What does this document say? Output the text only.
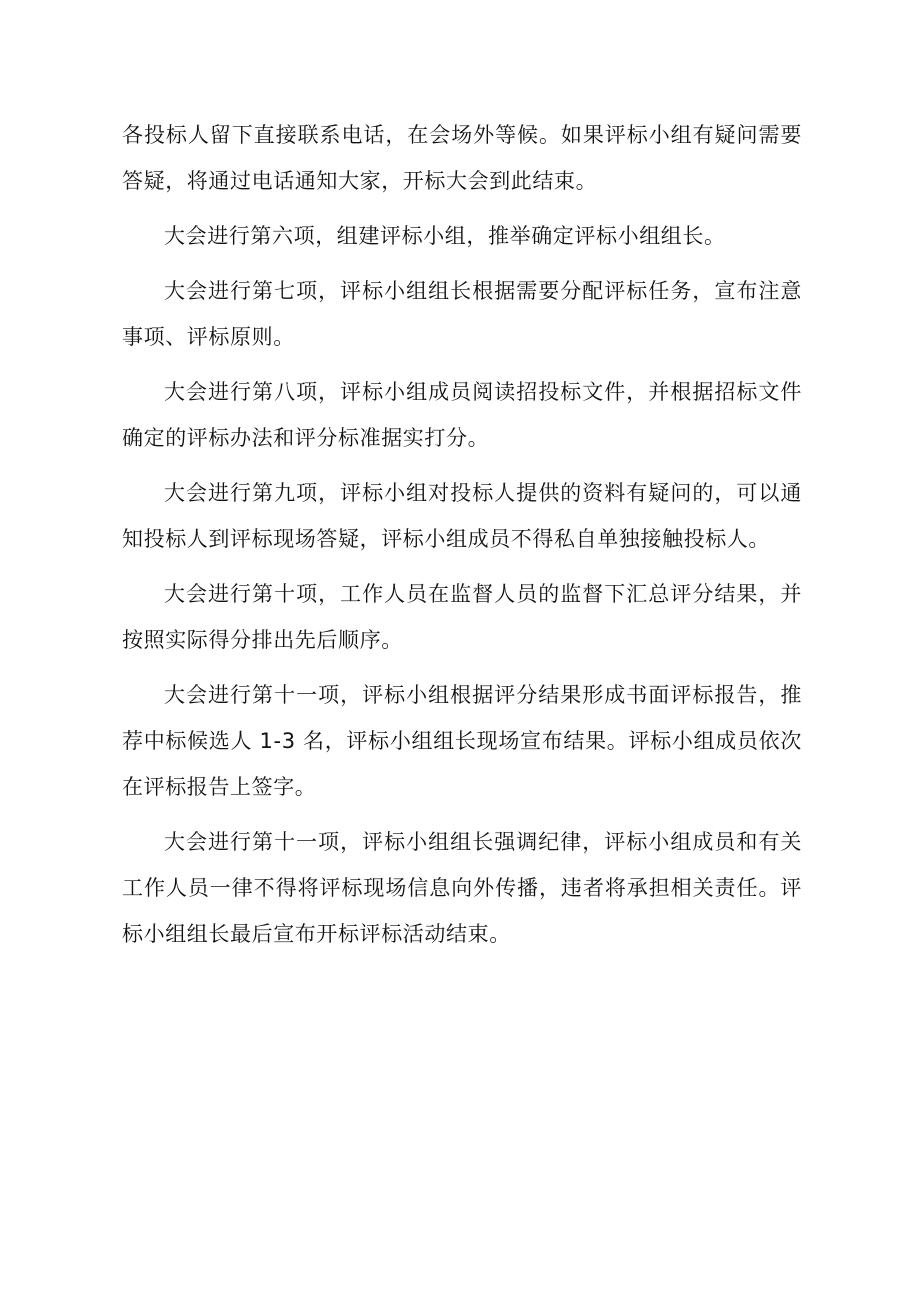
各投标人留下直接联系电话，在会场外等候。如果评标小组有疑问需要答疑，将通过电话通知大家，开标大会到此结束。

大会进行第六项，组建评标小组，推举确定评标小组组长。

大会进行第七项，评标小组组长根据需要分配评标任务，宣布注意事项、评标原则。

大会进行第八项，评标小组成员阅读招投标文件，并根据招标文件确定的评标办法和评分标准据实打分。

大会进行第九项，评标小组对投标人提供的资料有疑问的，可以通知投标人到评标现场答疑，评标小组成员不得私自单独接触投标人。

大会进行第十项，工作人员在监督人员的监督下汇总评分结果，并按照实际得分排出先后顺序。

大会进行第十一项，评标小组根据评分结果形成书面评标报告，推荐中标候选人 1-3 名，评标小组组长现场宣布结果。评标小组成员依次在评标报告上签字。

大会进行第十一项，评标小组组长强调纪律，评标小组成员和有关工作人员一律不得将评标现场信息向外传播，违者将承担相关责任。评标小组组长最后宣布开标评标活动结束。
